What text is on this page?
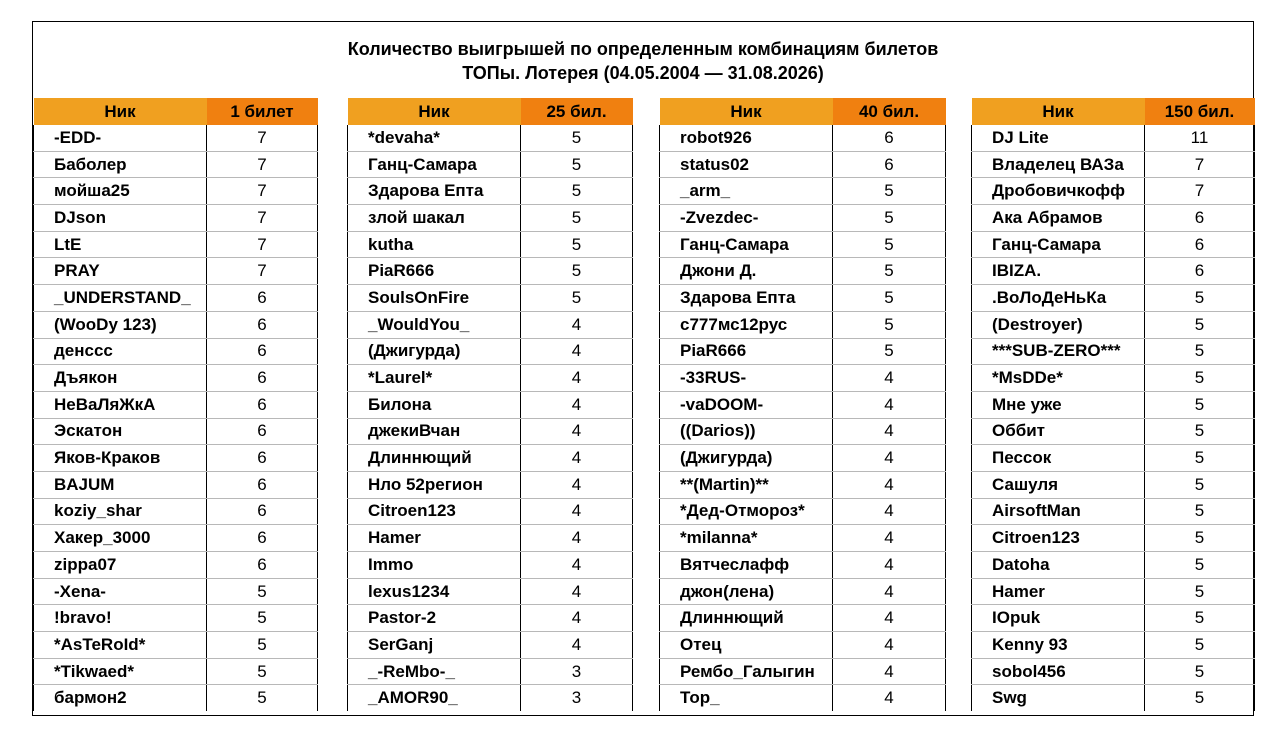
Количество выигрышей по определенным комбинациям билетов
ТОПы. Лотерея (04.05.2004 — 31.08.2026)
Ник	1 билет
-EDD-	7
Баболер	7
мойша25	7
DJson	7
LtE	7
PRAY	7
_UNDERSTAND_	6
(WooDy 123)	6
денссс	6
Дъякон	6
НеВаЛяЖкА	6
Эскатон	6
Яков-Краков	6
BAJUM	6
koziy_shar	6
Хакер_3000	6
zippa07	6
-Xena-	5
!bravo!	5
*AsTeRoId*	5
*Tikwaed*	5
бармон2	5
Ник	25 бил.
*devaha*	5
Ганц-Самара	5
Здарова Епта	5
злой шакал	5
kutha	5
PiaR666	5
SoulsOnFire	5
_WouldYou_	4
(Джигурда)	4
*Laurel*	4
Билона	4
джекиВчан	4
Длиннющий	4
Нло 52регион	4
Citroen123	4
Hamer	4
Immo	4
lexus1234	4
Pastor-2	4
SerGanj	4
_-ReMbo-_	3
_AMOR90_	3
Ник	40 бил.
robot926	6
status02	6
_arm_	5
-Zvezdec-	5
Ганц-Самара	5
Джони Д.	5
Здарова Епта	5
с777мс12рус	5
PiaR666	5
-33RUS-	4
-vaDOOM-	4
((Darios))	4
(Джигурда)	4
**(Martin)**	4
*Дед-Отмороз*	4
*milanna*	4
Вятчеслафф	4
джон(лена)	4
Длиннющий	4
Отец	4
Рембо_Галыгин	4
Тор_	4
Ник	150 бил.
DJ Lite	11
Владелец ВАЗа	7
Дробовичкофф	7
Ака Абрамов	6
Ганц-Самара	6
IBIZA.	6
.ВоЛоДеНьКа	5
(Destroyer)	5
***SUB-ZERO***	5
*MsDDe*	5
Мне уже	5
Оббит	5
Пессок	5
Сашуля	5
AirsoftMan	5
Citroen123	5
Datoha	5
Hamer	5
IOpuk	5
Kenny 93	5
sobol456	5
Swg	5
